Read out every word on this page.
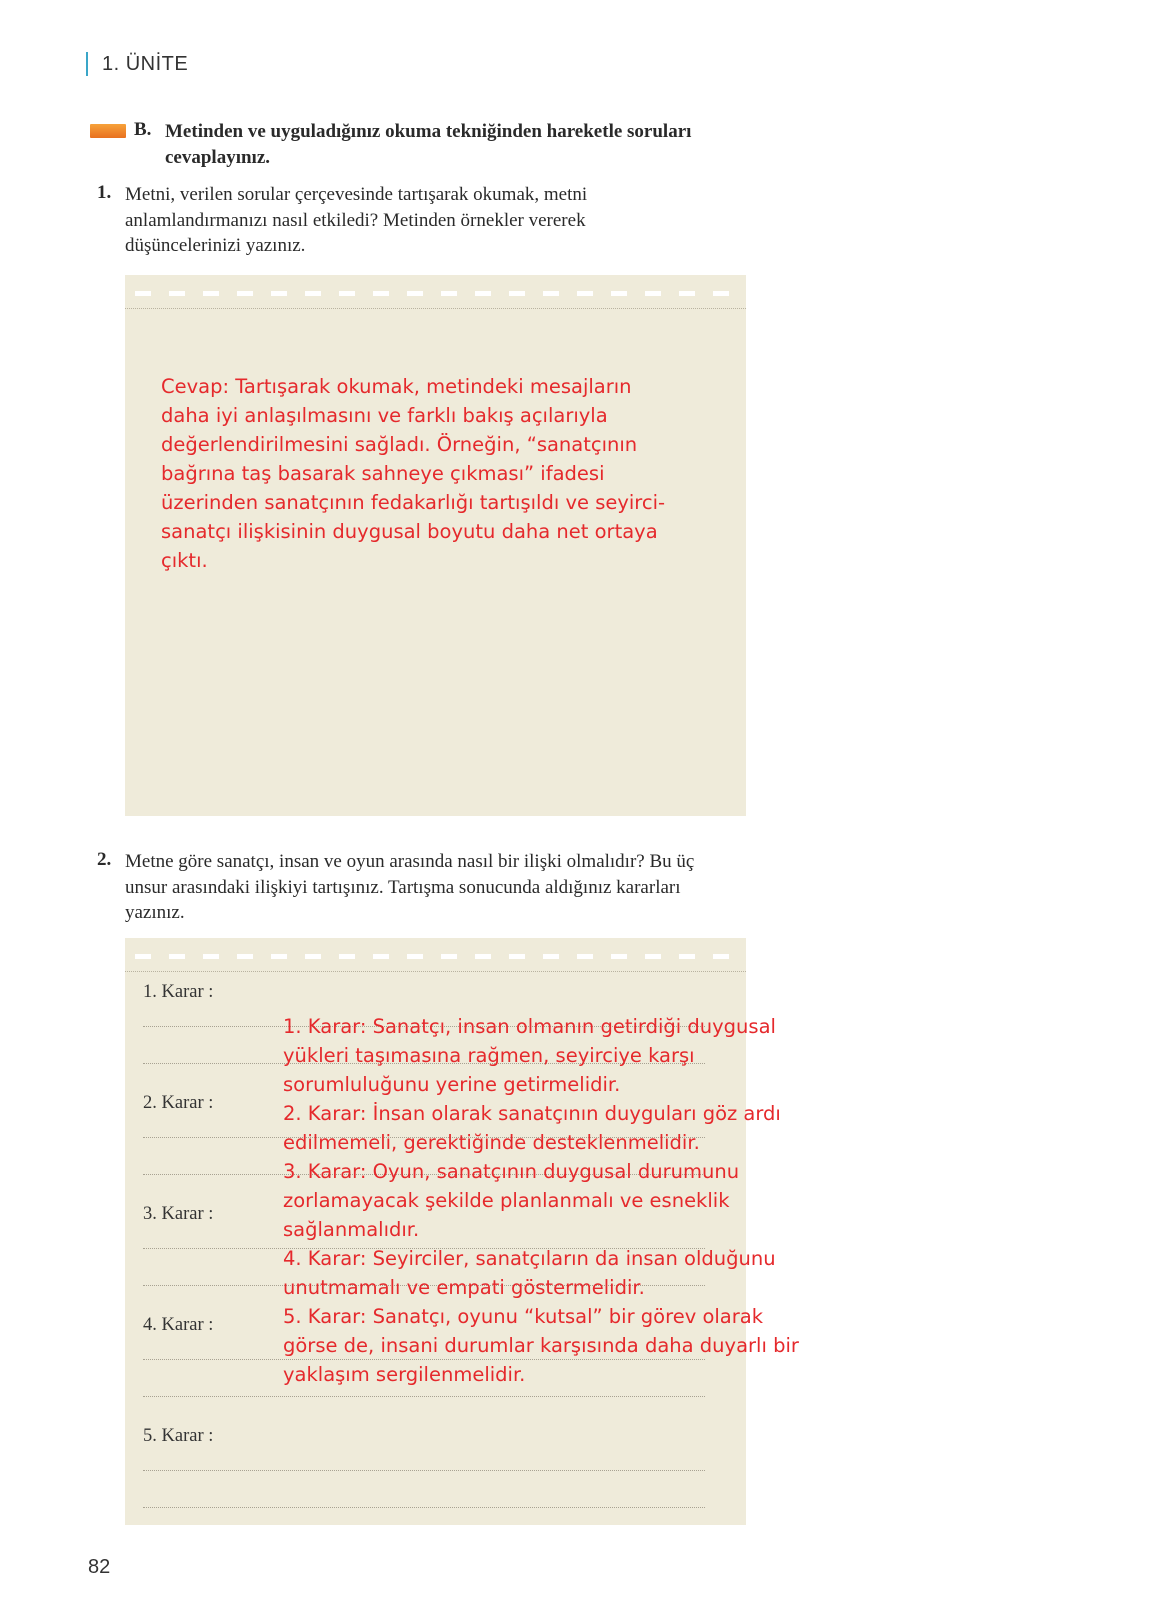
1. ÜNİTE
B. Metinden ve uyguladığınız okuma tekniğinden hareketle soruları cevaplayınız.
1. Metni, verilen sorular çerçevesinde tartışarak okumak, metni anlamlandırmanızı nasıl etkiledi? Metinden örnekler vererek düşüncelerinizi yazınız.
Cevap: Tartışarak okumak, metindeki mesajların
daha iyi anlaşılmasını ve farklı bakış açılarıyla
değerlendirilmesini sağladı. Örneğin, “sanatçının
bağrına taş basarak sahneye çıkması” ifadesi
üzerinden sanatçının fedakarlığı tartışıldı ve seyirci-
sanatçı ilişkisinin duygusal boyutu daha net ortaya
çıktı.
2. Metne göre sanatçı, insan ve oyun arasında nasıl bir ilişki olmalıdır? Bu üç unsur arasındaki ilişkiyi tartışınız. Tartışma sonucunda aldığınız kararları yazınız.
1. Karar :
2. Karar :
3. Karar :
4. Karar :
5. Karar :
1. Karar: Sanatçı, insan olmanın getirdiği duygusal
yükleri taşımasına rağmen, seyirciye karşı
sorumluluğunu yerine getirmelidir.
2. Karar: İnsan olarak sanatçının duyguları göz ardı
edilmemeli, gerektiğinde desteklenmelidir.
3. Karar: Oyun, sanatçının duygusal durumunu
zorlamayacak şekilde planlanmalı ve esneklik
sağlanmalıdır.
4. Karar: Seyirciler, sanatçıların da insan olduğunu
unutmamalı ve empati göstermelidir.
5. Karar: Sanatçı, oyunu “kutsal” bir görev olarak
görse de, insani durumlar karşısında daha duyarlı bir
yaklaşım sergilenmelidir.
82
